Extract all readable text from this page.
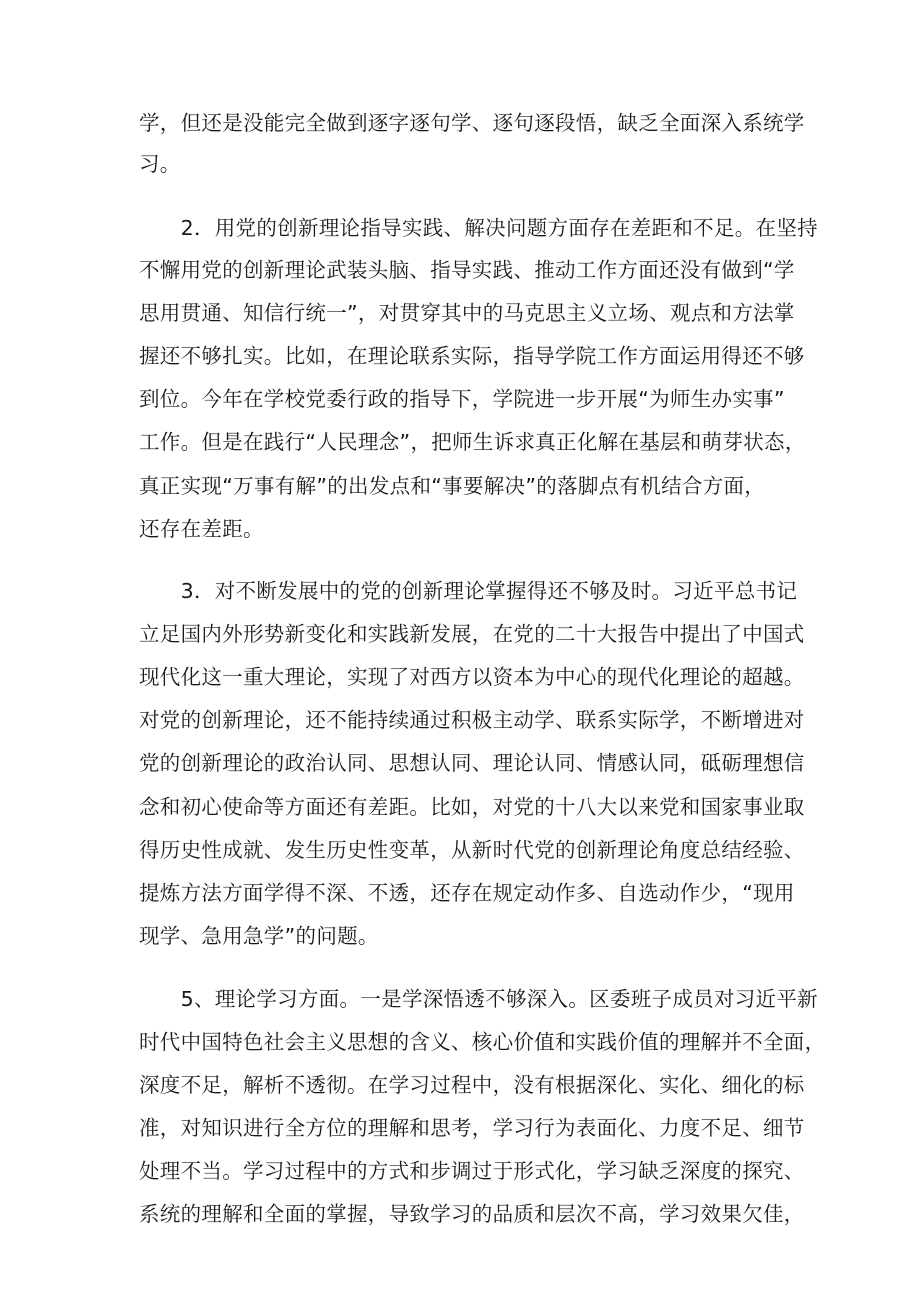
学，但还是没能完全做到逐字逐句学、逐句逐段悟，缺乏全面深入系统学

习。

　　2．用党的创新理论指导实践、解决问题方面存在差距和不足。在坚持

不懈用党的创新理论武装头脑、指导实践、推动工作方面还没有做到“学

思用贯通、知信行统一”，对贯穿其中的马克思主义立场、观点和方法掌

握还不够扎实。比如，在理论联系实际，指导学院工作方面运用得还不够

到位。今年在学校党委行政的指导下，学院进一步开展“为师生办实事”

工作。但是在践行“人民理念”，把师生诉求真正化解在基层和萌芽状态，

真正实现“万事有解”的出发点和“事要解决”的落脚点有机结合方面，

还存在差距。

　　3．对不断发展中的党的创新理论掌握得还不够及时。习近平总书记

立足国内外形势新变化和实践新发展，在党的二十大报告中提出了中国式

现代化这一重大理论，实现了对西方以资本为中心的现代化理论的超越。

对党的创新理论，还不能持续通过积极主动学、联系实际学，不断增进对

党的创新理论的政治认同、思想认同、理论认同、情感认同，砥砺理想信

念和初心使命等方面还有差距。比如，对党的十八大以来党和国家事业取

得历史性成就、发生历史性变革，从新时代党的创新理论角度总结经验、

提炼方法方面学得不深、不透，还存在规定动作多、自选动作少，“现用

现学、急用急学”的问题。

　　5、理论学习方面。一是学深悟透不够深入。区委班子成员对习近平新

时代中国特色社会主义思想的含义、核心价值和实践价值的理解并不全面，

深度不足，解析不透彻。在学习过程中，没有根据深化、实化、细化的标

准，对知识进行全方位的理解和思考，学习行为表面化、力度不足、细节

处理不当。学习过程中的方式和步调过于形式化，学习缺乏深度的探究、

系统的理解和全面的掌握，导致学习的品质和层次不高，学习效果欠佳，
